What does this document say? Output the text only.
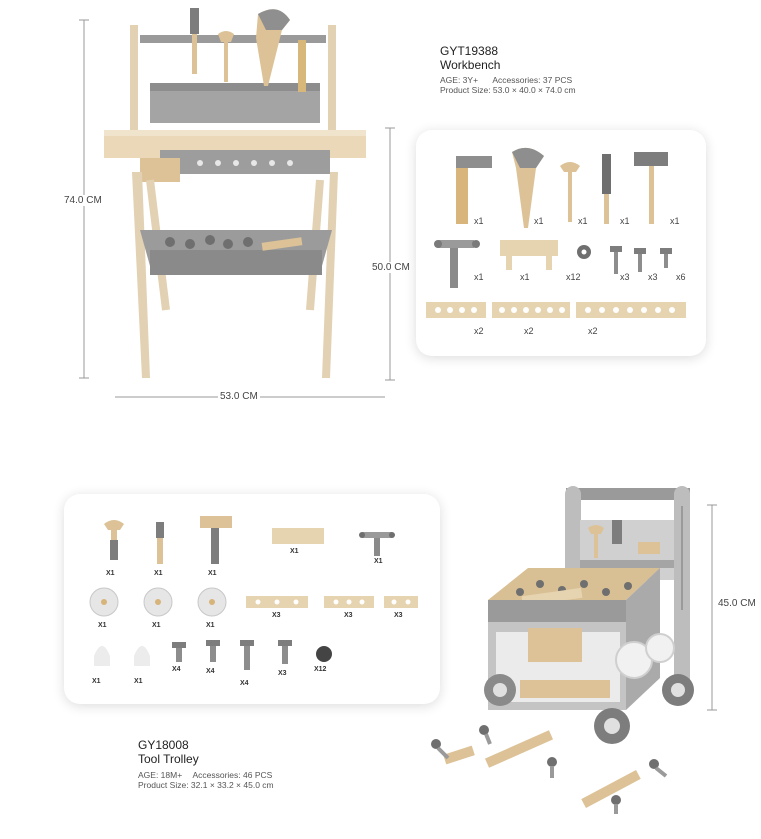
74.0 CM
53.0 CM
50.0 CM
GYT19388
Workbench
AGE: 3Y+ Accessories: 37 PCS
Product Size: 53.0 × 40.0 × 74.0 cm
x1	x1	x1	x1	x1
x1	x1	x12	x3 x3 x6
x2	x2	x2
X1	X1	X1
X1
X1
X1	X1	X1
X3	X3	X3
X1	X1
X4	X4
X4
X3
X12
45.0 CM
GY18008
Tool Trolley
AGE: 18M+ Accessories: 46 PCS
Product Size: 32.1 × 33.2 × 45.0 cm
